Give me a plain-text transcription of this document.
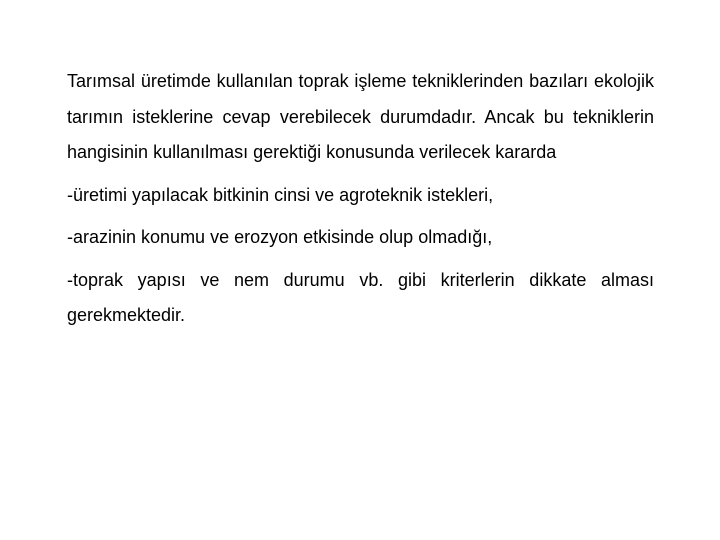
Tarımsal üretimde kullanılan toprak işleme tekniklerinden bazıları ekolojik tarımın isteklerine cevap verebilecek durumdadır. Ancak bu tekniklerin hangisinin kullanılması gerektiği konusunda verilecek kararda

-üretimi yapılacak bitkinin cinsi ve agroteknik istekleri,

-arazinin konumu ve erozyon etkisinde olup olmadığı,

-toprak yapısı ve nem durumu vb. gibi kriterlerin dikkate alması gerekmektedir.
